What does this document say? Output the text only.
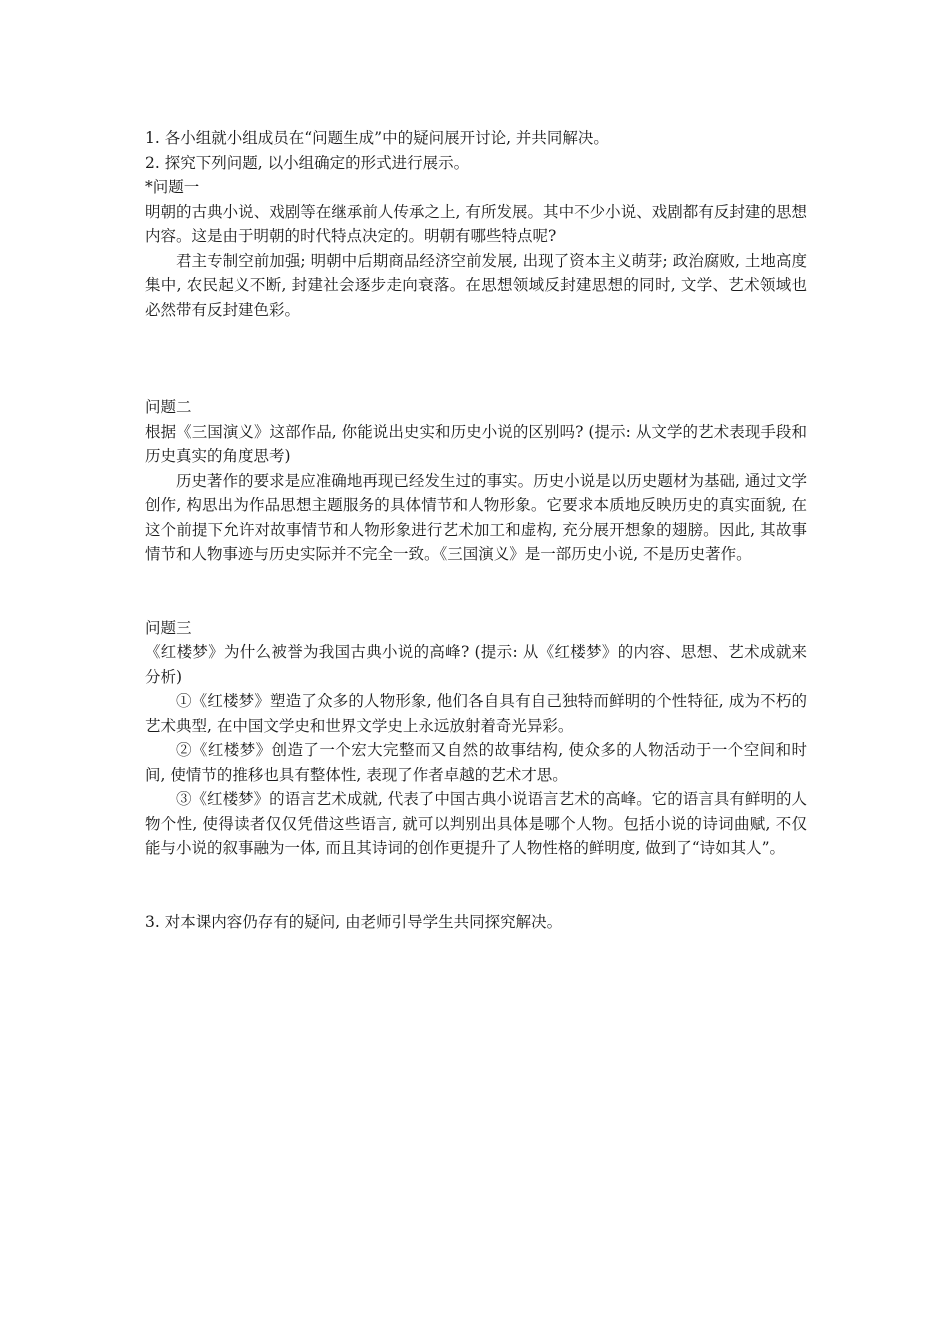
1. 各小组就小组成员在“问题生成”中的疑问展开讨论, 并共同解决。

2. 探究下列问题, 以小组确定的形式进行展示。

*问题一

明朝的古典小说、戏剧等在继承前人传承之上, 有所发展。其中不少小说、戏剧都有反封建的思想内容。这是由于明朝的时代特点决定的。明朝有哪些特点呢?

君主专制空前加强; 明朝中后期商品经济空前发展, 出现了资本主义萌芽; 政治腐败, 土地高度集中, 农民起义不断, 封建社会逐步走向衰落。在思想领域反封建思想的同时, 文学、艺术领域也必然带有反封建色彩。

问题二

根据《三国演义》这部作品, 你能说出史实和历史小说的区别吗? (提示: 从文学的艺术表现手段和历史真实的角度思考)

历史著作的要求是应准确地再现已经发生过的事实。历史小说是以历史题材为基础, 通过文学创作, 构思出为作品思想主题服务的具体情节和人物形象。它要求本质地反映历史的真实面貌, 在这个前提下允许对故事情节和人物形象进行艺术加工和虚构, 充分展开想象的翅膀。因此, 其故事情节和人物事迹与历史实际并不完全一致。《三国演义》是一部历史小说, 不是历史著作。

问题三

《红楼梦》为什么被誉为我国古典小说的高峰? (提示: 从《红楼梦》的内容、思想、艺术成就来分析)

①《红楼梦》塑造了众多的人物形象, 他们各自具有自己独特而鲜明的个性特征, 成为不朽的艺术典型, 在中国文学史和世界文学史上永远放射着奇光异彩。

②《红楼梦》创造了一个宏大完整而又自然的故事结构, 使众多的人物活动于一个空间和时间, 使情节的推移也具有整体性, 表现了作者卓越的艺术才思。

③《红楼梦》的语言艺术成就, 代表了中国古典小说语言艺术的高峰。它的语言具有鲜明的人物个性, 使得读者仅仅凭借这些语言, 就可以判别出具体是哪个人物。包括小说的诗词曲赋, 不仅能与小说的叙事融为一体, 而且其诗词的创作更提升了人物性格的鲜明度, 做到了“诗如其人”。

3. 对本课内容仍存有的疑问, 由老师引导学生共同探究解决。
